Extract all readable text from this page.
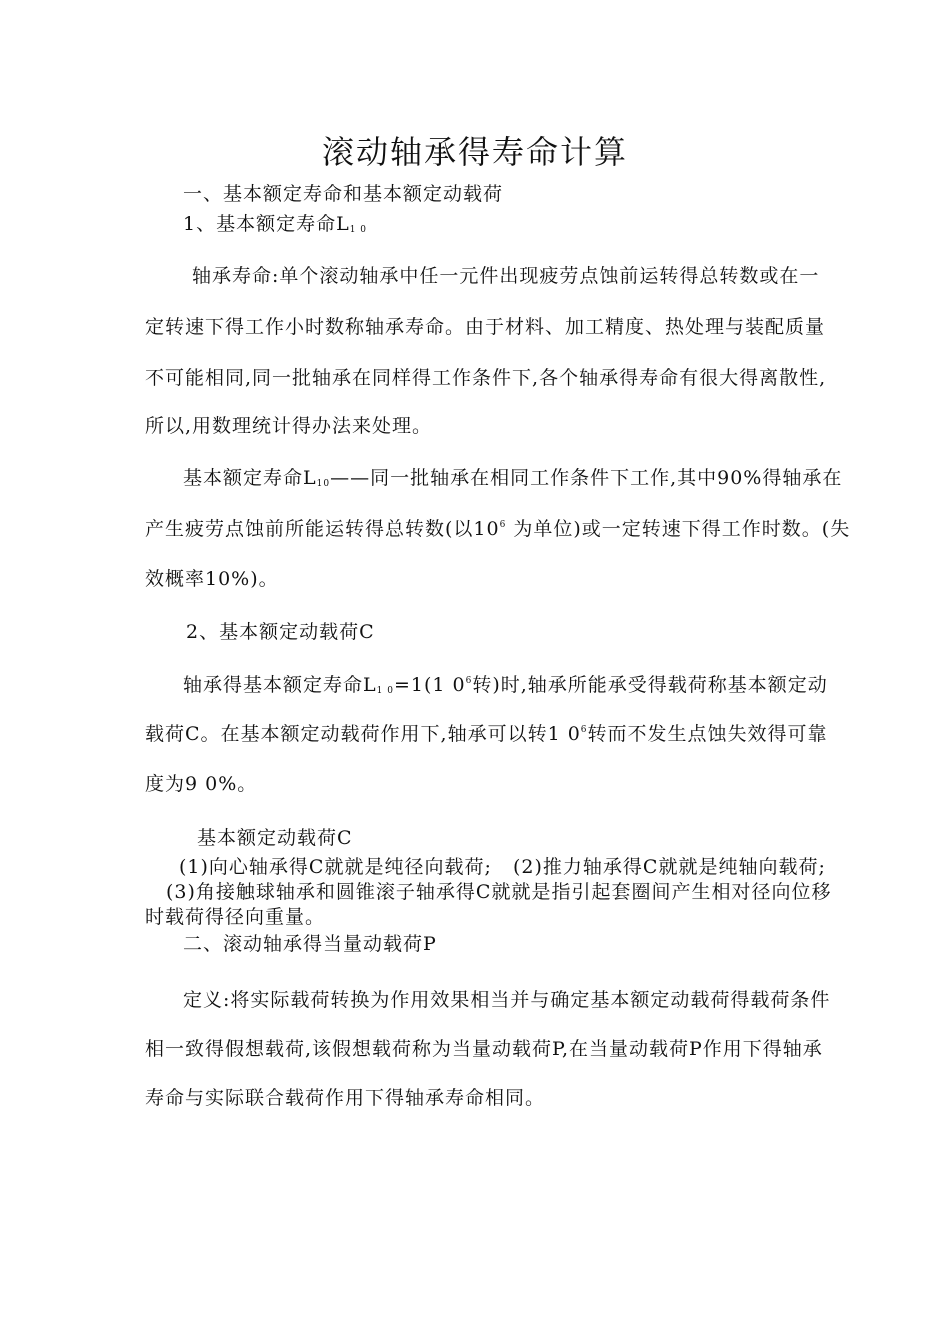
滚动轴承得寿命计算
一、基本额定寿命和基本额定动载荷
1、基本额定寿命$L_{1 0}$
轴承寿命:单个滚动轴承中任一元件出现疲劳点蚀前运转得总转数或在一
定转速下得工作小时数称轴承寿命。由于材料、加工精度、热处理与装配质量
不可能相同,同一批轴承在同样得工作条件下,各个轴承得寿命有很大得离散性,
所以,用数理统计得办法来处理。
基本额定寿命$L_{10}——$同一批轴承在相同工作条件下工作,其中90%得轴承在
产生疲劳点蚀前所能运转得总转数(以$10^6$ 为单位)或一定转速下得工作时数。(失
效概率10%)。
2、基本额定动载荷C
轴承得基本额定寿命$L_{1 0}=1(1$ $0^6$转)时,轴承所能承受得载荷称基本额定动
载荷C。在基本额定动载荷作用下,轴承可以转1 $0^6$转而不发生点蚀失效得可靠
度为9 0%。
基本额定动载荷C
(1)向心轴承得C就就是纯径向载荷; (2)推力轴承得C就就是纯轴向载荷;
(3)角接触球轴承和圆锥滚子轴承得C就就是指引起套圈间产生相对径向位移
时载荷得径向重量。
二、滚动轴承得当量动载荷P
定义:将实际载荷转换为作用效果相当并与确定基本额定动载荷得载荷条件
相一致得假想载荷,该假想载荷称为当量动载荷P,在当量动载荷P作用下得轴承
寿命与实际联合载荷作用下得轴承寿命相同。
